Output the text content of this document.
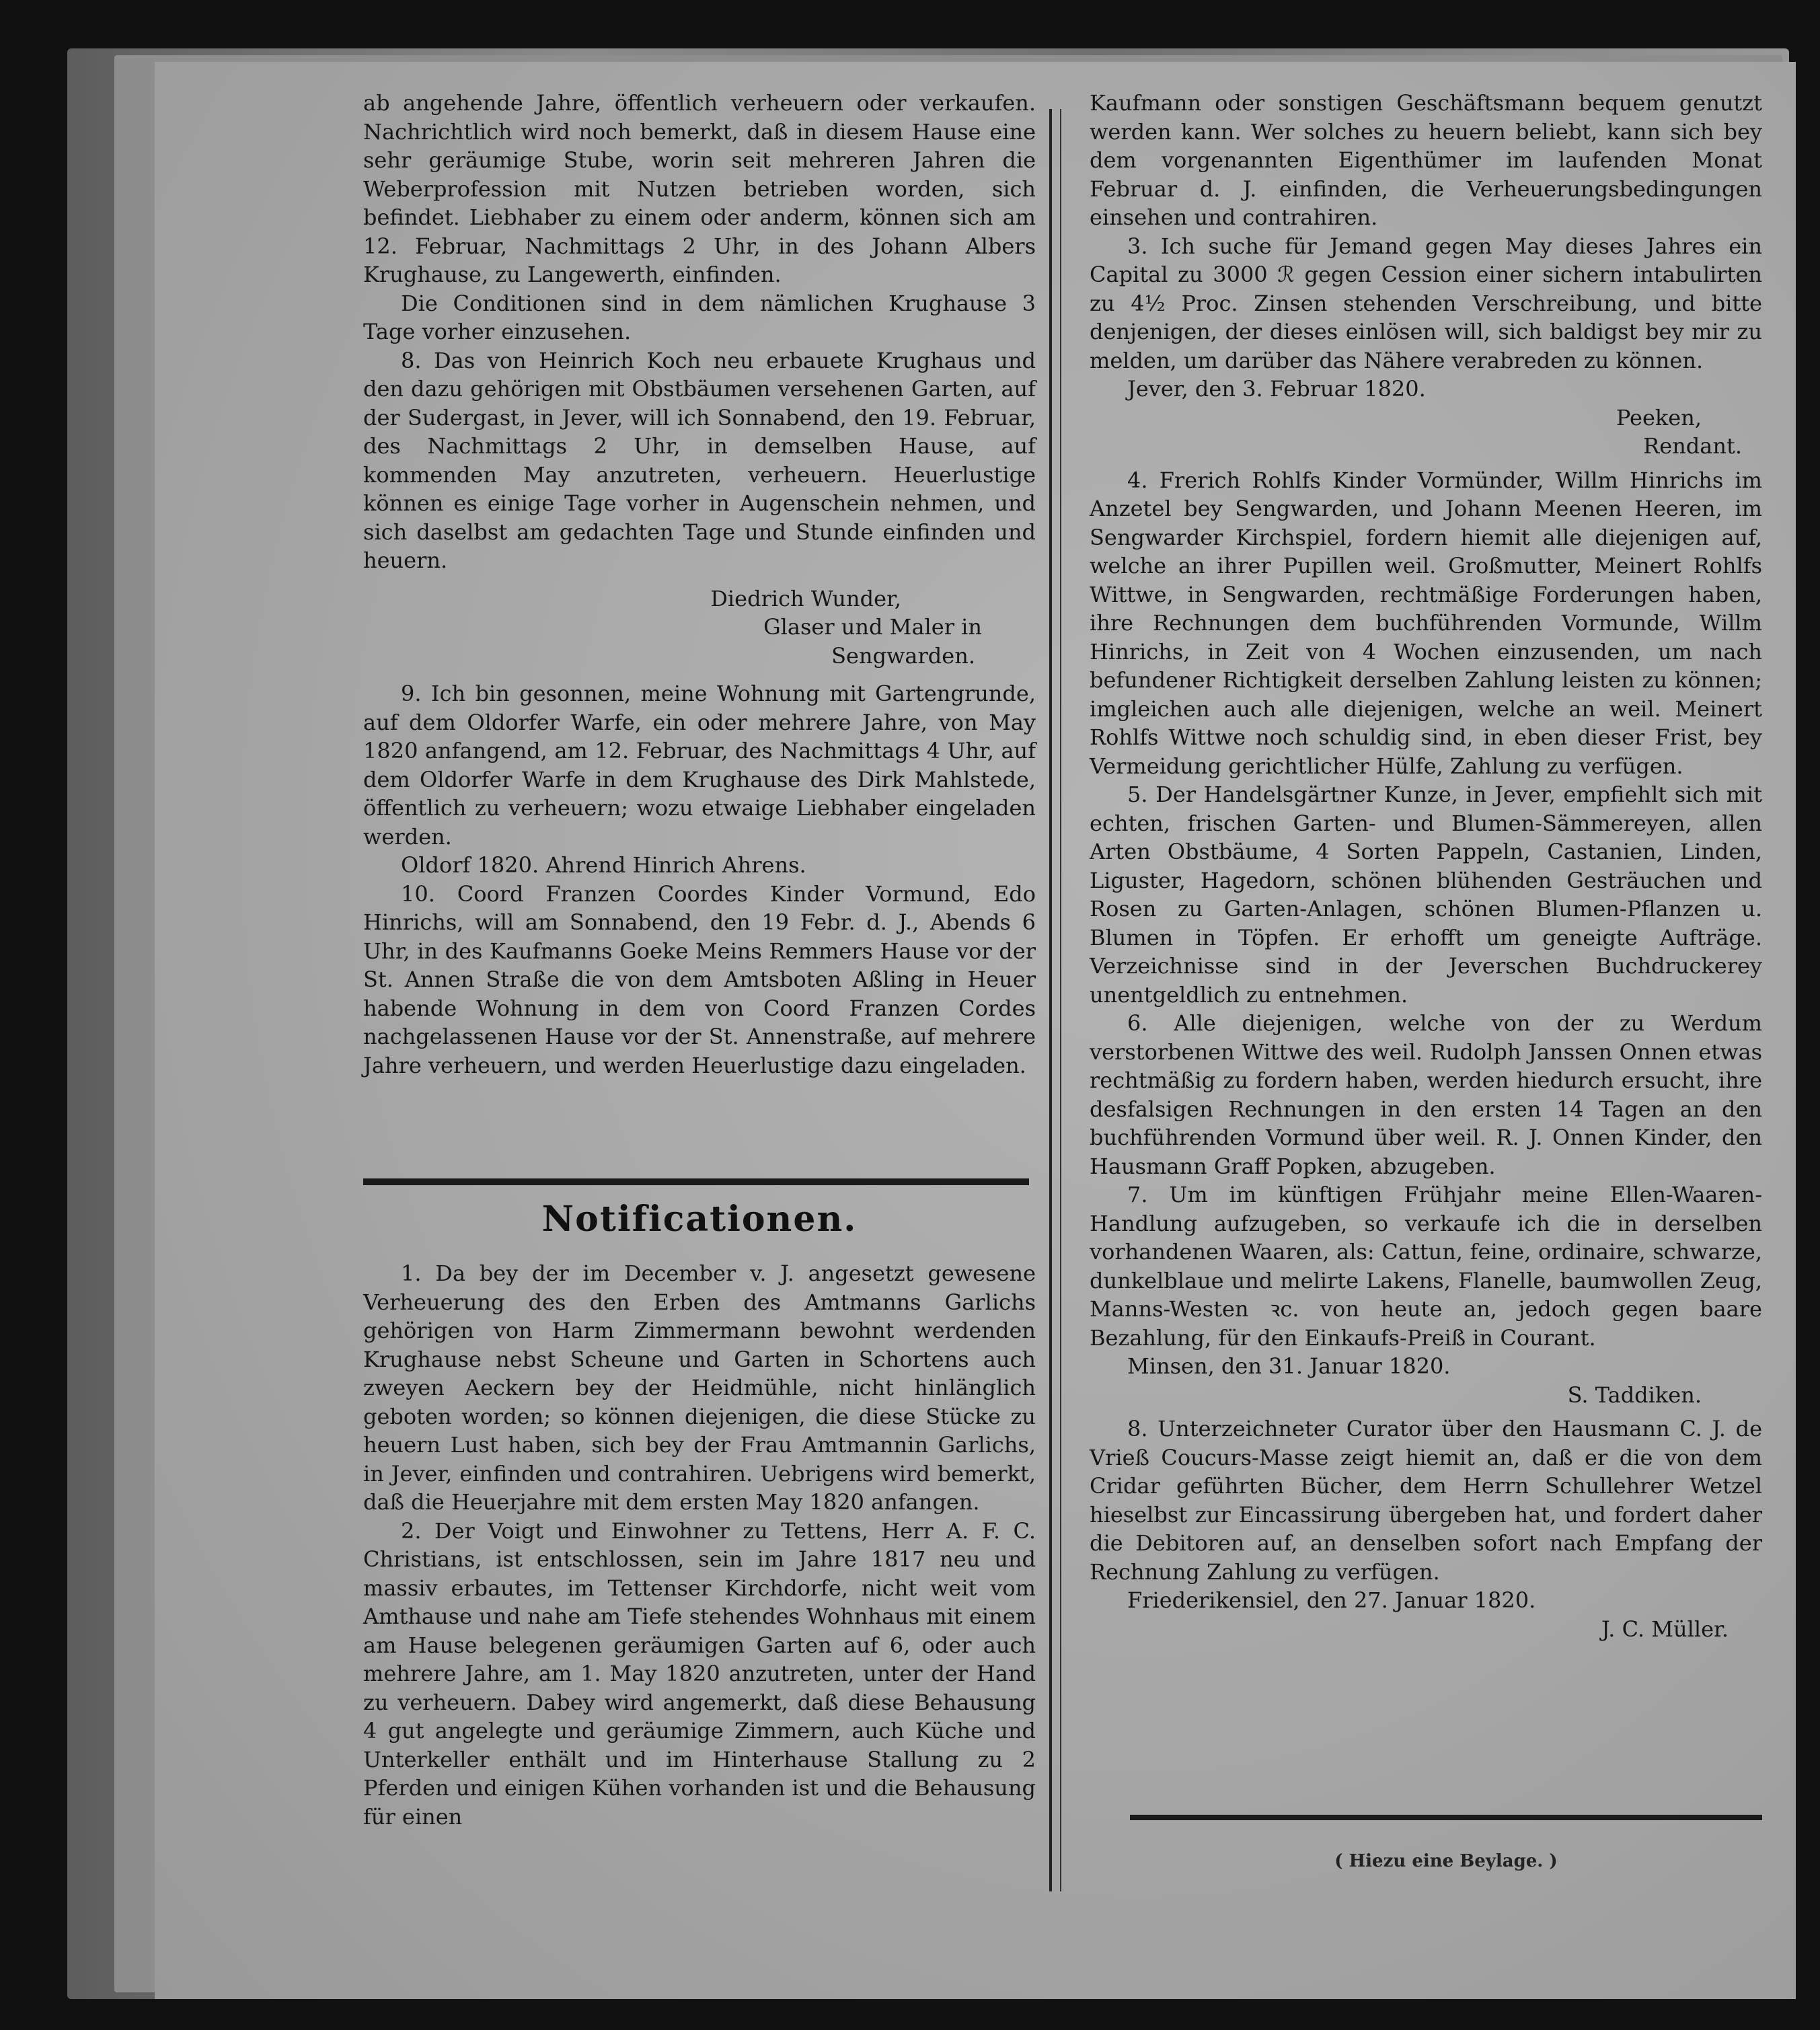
ab angehende Jahre, öffentlich verheuern oder verkaufen. Nachrichtlich wird noch bemerkt, daß in diesem Hause eine sehr geräumige Stube, worin seit mehreren Jahren die Weberprofession mit Nutzen betrieben worden, sich befindet. Liebhaber zu einem oder anderm, können sich am 12. Februar, Nachmittags 2 Uhr, in des Johann Albers Krughause, zu Langewerth, einfinden.

Die Conditionen sind in dem nämlichen Krughause 3 Tage vorher einzusehen.

8. Das von Heinrich Koch neu erbauete Krughaus und den dazu gehörigen mit Obstbäumen versehenen Garten, auf der Sudergast, in Jever, will ich Sonnabend, den 19. Februar, des Nachmittags 2 Uhr, in demselben Hause, auf kommenden May anzutreten, verheuern. Heuerlustige können es einige Tage vorher in Augenschein nehmen, und sich daselbst am gedachten Tage und Stunde einfinden und heuern.

Diedrich Wunder,

Glaser und Maler in

Sengwarden.

9. Ich bin gesonnen, meine Wohnung mit Gartengrunde, auf dem Oldorfer Warfe, ein oder mehrere Jahre, von May 1820 anfangend, am 12. Februar, des Nachmittags 4 Uhr, auf dem Oldorfer Warfe in dem Krughause des Dirk Mahlstede, öffentlich zu verheuern; wozu etwaige Liebhaber eingeladen werden.

Oldorf 1820. Ahrend Hinrich Ahrens.

10. Coord Franzen Coordes Kinder Vormund, Edo Hinrichs, will am Sonnabend, den 19 Febr. d. J., Abends 6 Uhr, in des Kaufmanns Goeke Meins Remmers Hause vor der St. Annen Straße die von dem Amtsboten Aßling in Heuer habende Wohnung in dem von Coord Franzen Cordes nachgelassenen Hause vor der St. Annenstraße, auf mehrere Jahre verheuern, und werden Heuerlustige dazu eingeladen.

Notificationen.

1. Da bey der im December v. J. angesetzt gewesene Verheuerung des den Erben des Amtmanns Garlichs gehörigen von Harm Zimmermann bewohnt werdenden Krughause nebst Scheune und Garten in Schortens auch zweyen Aeckern bey der Heidmühle, nicht hinlänglich geboten worden; so können diejenigen, die diese Stücke zu heuern Lust haben, sich bey der Frau Amtmannin Garlichs, in Jever, einfinden und contrahiren. Uebrigens wird bemerkt, daß die Heuerjahre mit dem ersten May 1820 anfangen.

2. Der Voigt und Einwohner zu Tettens, Herr A. F. C. Christians, ist entschlossen, sein im Jahre 1817 neu und massiv erbautes, im Tettenser Kirchdorfe, nicht weit vom Amthause und nahe am Tiefe stehendes Wohnhaus mit einem am Hause belegenen geräumigen Garten auf 6, oder auch mehrere Jahre, am 1. May 1820 anzutreten, unter der Hand zu verheuern. Dabey wird angemerkt, daß diese Behausung 4 gut angelegte und geräumige Zimmern, auch Küche und Unterkeller enthält und im Hinterhause Stallung zu 2 Pferden und einigen Kühen vorhanden ist und die Behausung für einen

Kaufmann oder sonstigen Geschäftsmann bequem genutzt werden kann. Wer solches zu heuern beliebt, kann sich bey dem vorgenannten Eigenthümer im laufenden Monat Februar d. J. einfinden, die Verheuerungsbedingungen einsehen und contrahiren.

3. Ich suche für Jemand gegen May dieses Jahres ein Capital zu 3000 ℛ gegen Cession einer sichern intabulirten zu 4½ Proc. Zinsen stehenden Verschreibung, und bitte denjenigen, der dieses einlösen will, sich baldigst bey mir zu melden, um darüber das Nähere verabreden zu können.

Jever, den 3. Februar 1820.

Peeken,

Rendant.

4. Frerich Rohlfs Kinder Vormünder, Willm Hinrichs im Anzetel bey Sengwarden, und Johann Meenen Heeren, im Sengwarder Kirchspiel, fordern hiemit alle diejenigen auf, welche an ihrer Pupillen weil. Großmutter, Meinert Rohlfs Wittwe, in Sengwarden, rechtmäßige Forderungen haben, ihre Rechnungen dem buchführenden Vormunde, Willm Hinrichs, in Zeit von 4 Wochen einzusenden, um nach befundener Richtigkeit derselben Zahlung leisten zu können; imgleichen auch alle diejenigen, welche an weil. Meinert Rohlfs Wittwe noch schuldig sind, in eben dieser Frist, bey Vermeidung gerichtlicher Hülfe, Zahlung zu verfügen.

5. Der Handelsgärtner Kunze, in Jever, empfiehlt sich mit echten, frischen Garten- und Blumen-Sämmereyen, allen Arten Obstbäume, 4 Sorten Pappeln, Castanien, Linden, Liguster, Hagedorn, schönen blühenden Gesträuchen und Rosen zu Garten-Anlagen, schönen Blumen-Pflanzen u. Blumen in Töpfen. Er erhofft um geneigte Aufträge. Verzeichnisse sind in der Jeverschen Buchdruckerey unentgeldlich zu entnehmen.

6. Alle diejenigen, welche von der zu Werdum verstorbenen Wittwe des weil. Rudolph Janssen Onnen etwas rechtmäßig zu fordern haben, werden hiedurch ersucht, ihre desfalsigen Rechnungen in den ersten 14 Tagen an den buchführenden Vormund über weil. R. J. Onnen Kinder, den Hausmann Graff Popken, abzugeben.

7. Um im künftigen Frühjahr meine Ellen-Waaren-Handlung aufzugeben, so verkaufe ich die in derselben vorhandenen Waaren, als: Cattun, feine, ordinaire, schwarze, dunkelblaue und melirte Lakens, Flanelle, baumwollen Zeug, Manns-Westen ꝛc. von heute an, jedoch gegen baare Bezahlung, für den Einkaufs-Preiß in Courant.

Minsen, den 31. Januar 1820.

S. Taddiken.

8. Unterzeichneter Curator über den Hausmann C. J. de Vrieß Coucurs-Masse zeigt hiemit an, daß er die von dem Cridar geführten Bücher, dem Herrn Schullehrer Wetzel hieselbst zur Eincassirung übergeben hat, und fordert daher die Debitoren auf, an denselben sofort nach Empfang der Rechnung Zahlung zu verfügen.

Friederikensiel, den 27. Januar 1820.

J. C. Müller.

( Hiezu eine Beylage. )
